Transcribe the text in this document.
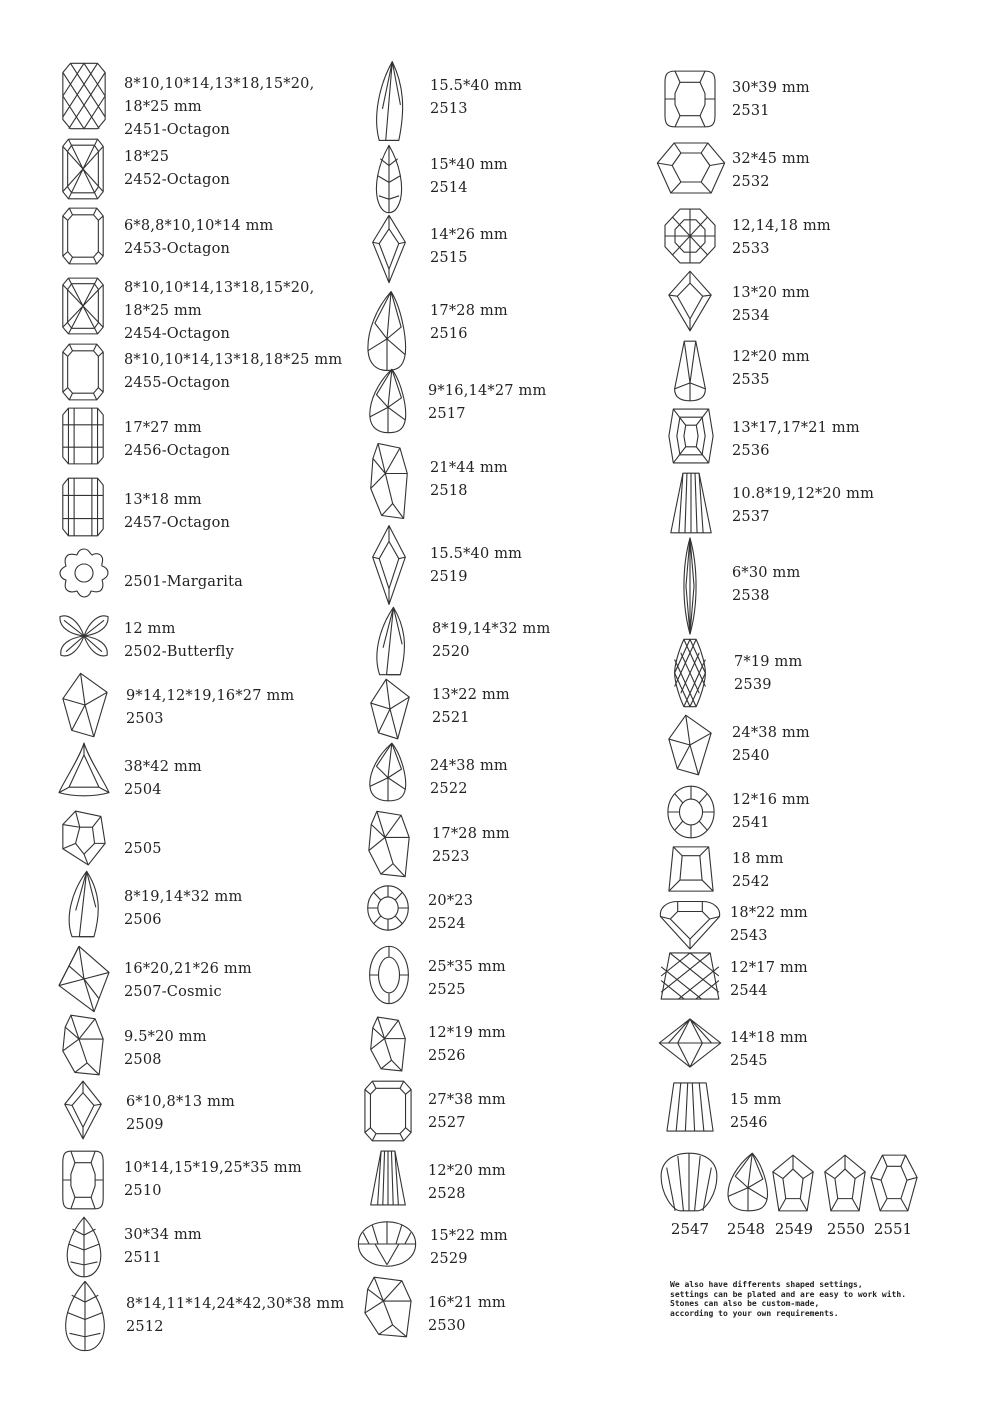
8*10,10*14,13*18,15*20,
18*25 mm
2451-Octagon
18*25
2452-Octagon
6*8,8*10,10*14 mm
2453-Octagon
8*10,10*14,13*18,15*20,
18*25 mm
2454-Octagon
8*10,10*14,13*18,18*25 mm
2455-Octagon
17*27 mm
2456-Octagon
13*18 mm
2457-Octagon
2501-Margarita
12 mm
2502-Butterfly
9*14,12*19,16*27 mm
2503
38*42 mm
2504
2505
8*19,14*32 mm
2506
16*20,21*26 mm
2507-Cosmic
9.5*20 mm
2508
6*10,8*13 mm
2509
10*14,15*19,25*35 mm
2510
30*34 mm
2511
8*14,11*14,24*42,30*38 mm
2512
15.5*40 mm
2513
15*40 mm
2514
14*26 mm
2515
17*28 mm
2516
9*16,14*27 mm
2517
21*44 mm
2518
15.5*40 mm
2519
8*19,14*32 mm
2520
13*22 mm
2521
24*38 mm
2522
17*28 mm
2523
20*23
2524
25*35 mm
2525
12*19 mm
2526
27*38 mm
2527
12*20 mm
2528
15*22 mm
2529
16*21 mm
2530
30*39 mm
2531
32*45 mm
2532
12,14,18 mm
2533
13*20 mm
2534
12*20 mm
2535
13*17,17*21 mm
2536
10.8*19,12*20 mm
2537
6*30 mm
2538
7*19 mm
2539
24*38 mm
2540
12*16 mm
2541
18 mm
2542
18*22 mm
2543
12*17 mm
2544
14*18 mm
2545
15 mm
2546
2547	2548 2549 2550 2551
We also have differents shaped settings,
settings can be plated and are easy to work with.
Stones can also be custom-made,
according to your own requirements.
